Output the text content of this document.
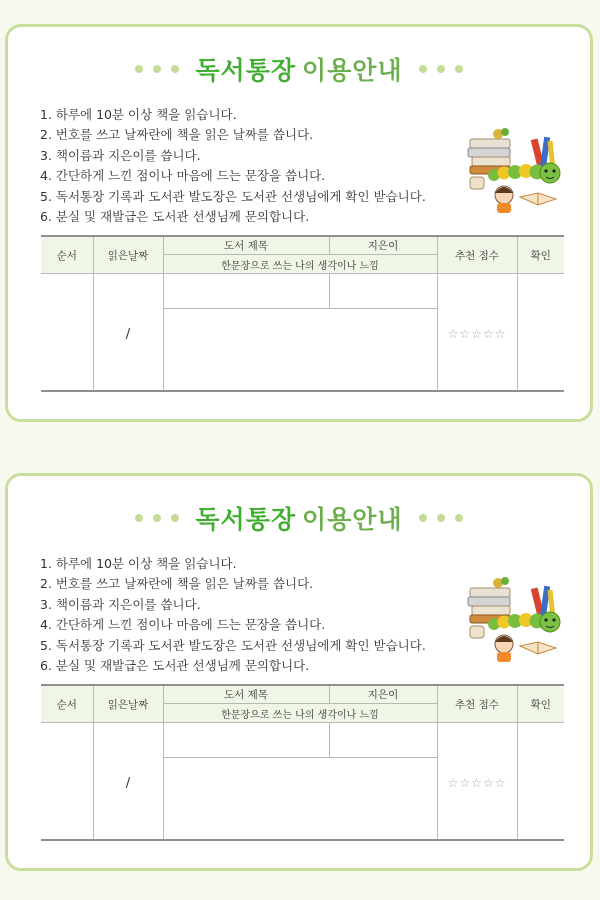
독서통장 이용안내
1. 하루에 10분 이상 책을 읽습니다.
2. 번호를 쓰고 날짜란에 책을 읽은 날짜를 씁니다.
3. 책이름과 지은이를 씁니다.
4. 간단하게 느낀 점이나 마음에 드는 문장을 씁니다.
5. 독서통장 기록과 도서관 발도장은 도서관 선생님에게 확인 받습니다.
6. 분실 및 재발급은 도서관 선생님께 문의합니다.
순서	읽은날짜	도서 제목	지은이	추천 점수	확인
		한문장으로 쓰는 나의 생각이나 느낌			
	/			☆☆☆☆☆	

독서통장 이용안내
1. 하루에 10분 이상 책을 읽습니다.
2. 번호를 쓰고 날짜란에 책을 읽은 날짜를 씁니다.
3. 책이름과 지은이를 씁니다.
4. 간단하게 느낀 점이나 마음에 드는 문장을 씁니다.
5. 독서통장 기록과 도서관 발도장은 도서관 선생님에게 확인 받습니다.
6. 분실 및 재발급은 도서관 선생님께 문의합니다.
순서	읽은날짜	도서 제목	지은이	추천 점수	확인
		한문장으로 쓰는 나의 생각이나 느낌			
	/			☆☆☆☆☆	
